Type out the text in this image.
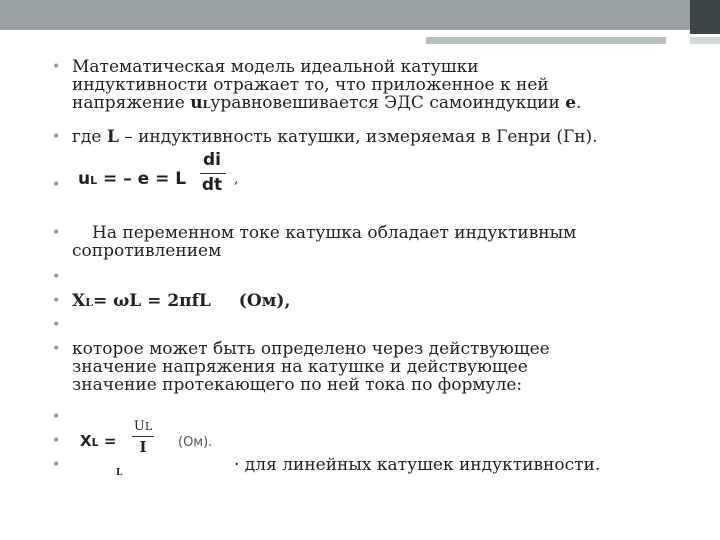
• Математическая модель идеальной катушки
индуктивности отражает то, что приложенное к ней
напряжение uLуравновешивается ЭДС самоиндукции e.
• где L – индуктивность катушки, измеряемая в Генри (Гн).
• uL = – e = L
di
dt ,
• На переменном токе катушка обладает индуктивным
сопротивлением
•
• XL= ωL = 2πfL (Ом),
•
• которое может быть определено через действующее
значение напряжения на катушке и действующее
значение протекающего по ней тока по формуле:
•
• XL =
UL
I	(Ом).
•	L	· для линейных катушек индуктивности.
